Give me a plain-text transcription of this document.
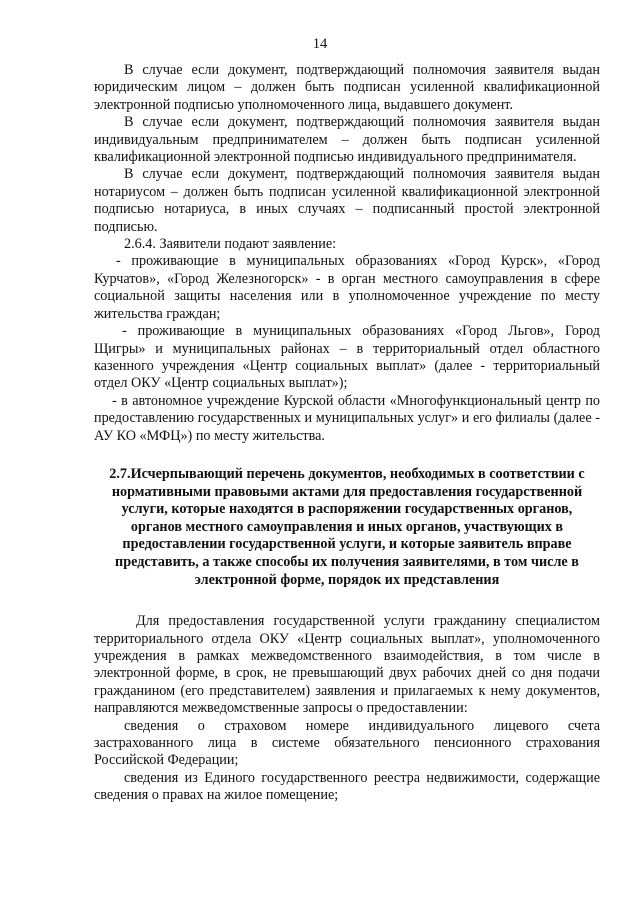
14

В случае если документ, подтверждающий полномочия заявителя выдан юридическим лицом – должен быть подписан усиленной квалификационной электронной подписью уполномоченного лица, выдавшего документ.

В случае если документ, подтверждающий полномочия заявителя выдан индивидуальным предпринимателем – должен быть подписан усиленной квалификационной электронной подписью индивидуального предпринимателя.

В случае если документ, подтверждающий полномочия заявителя выдан нотариусом – должен быть подписан усиленной квалификационной электронной подписью нотариуса, в иных случаях – подписанный простой электронной подписью.

2.6.4. Заявители подают заявление:

- проживающие в муниципальных образованиях «Город Курск», «Город Курчатов», «Город Железногорск» - в орган местного самоуправления в сфере социальной защиты населения или в уполномоченное учреждение по месту жительства граждан;

- проживающие в муниципальных образованиях «Город Льгов», Город Щигры» и муниципальных районах – в территориальный отдел областного казенного учреждения «Центр социальных выплат» (далее - территориальный отдел ОКУ «Центр социальных выплат»);

- в автономное учреждение Курской области «Многофункциональный центр по предоставлению государственных и муниципальных услуг» и его филиалы (далее - АУ КО «МФЦ») по месту жительства.

2.7.Исчерпывающий перечень документов, необходимых в соответствии с нормативными правовыми актами для предоставления государственной услуги, которые находятся в распоряжении государственных органов, органов местного самоуправления и иных органов, участвующих в предоставлении государственной услуги, и которые заявитель вправе представить, а также способы их получения заявителями, в том числе в электронной форме, порядок их представления

Для предоставления государственной услуги гражданину специалистом территориального отдела ОКУ «Центр социальных выплат», уполномоченного учреждения в рамках межведомственного взаимодействия, в том числе в электронной форме, в срок, не превышающий двух рабочих дней со дня подачи гражданином (его представителем) заявления и прилагаемых к нему документов, направляются межведомственные запросы о предоставлении:

сведения о страховом номере индивидуального лицевого счета застрахованного лица в системе обязательного пенсионного страхования Российской Федерации;

сведения из Единого государственного реестра недвижимости, содержащие сведения о правах на жилое помещение;
